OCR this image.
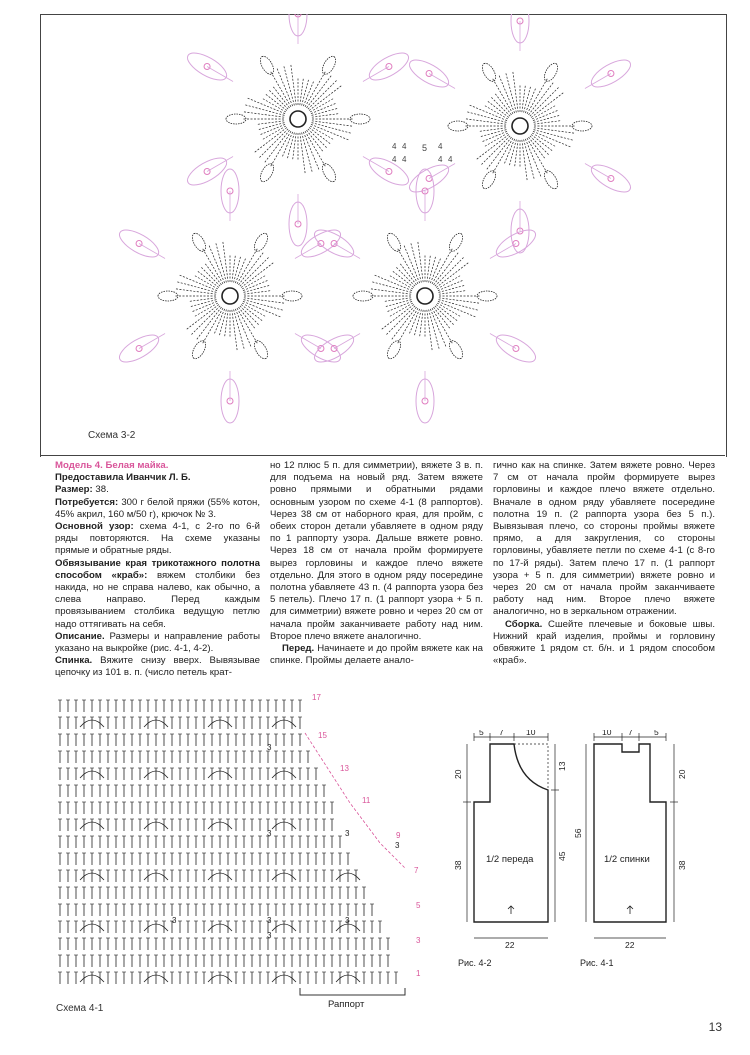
4 4 5 4
4 4	4 4
Схема 3-2

Модель 4. Белая майка.

Предоставила Иванчик Л. Б.

Размер: 38.

Потребуется: 300 г белой пряжи (55% котон, 45% акрил, 160 м/50 г), крючок № 3.

Основной узор: схема 4-1, с 2-го по 6-й ряды повторяются. На схеме указаны прямые и обратные ряды.

Обвязывание края трикотажного полотна способом «краб»: вяжем столбики без накида, но не справа налево, как обычно, а слева направо. Перед каждым провязыванием столбика ведущую петлю надо оттягивать на себя.

Описание. Размеры и направление работы указано на выкройке (рис. 4-1, 4-2).

Спинка. Вяжите снизу вверх. Вывязывае цепочку из 101 в. п. (число петель крат-

но 12 плюс 5 п. для симметрии), вяжете 3 в. п. для подъема на новый ряд. Затем вяжете ровно прямыми и обратными рядами основным узором по схеме 4-1 (8 раппортов). Через 38 см от наборного края, для пройм, с обеих сторон детали убавляете в одном ряду по 1 раппорту узора. Дальше вяжете ровно. Через 18 см от начала пройм формируете вырез горловины и каждое плечо вяжете отдельно. Для этого в одном ряду посередине полотна убавляете 43 п. (4 раппорта узора без 5 петель). Плечо 17 п. (1 раппорт узора + 5 п. для симметрии) вяжете ровно и через 20 см от начала пройм заканчиваете работу над ним. Второе плечо вяжете аналогично.

Перед. Начинаете и до пройм вяжете как на спинке. Проймы делаете анало-

гично как на спинке. Затем вяжете ровно. Через 7 см от начала пройм формируете вырез горловины и каждое плечо вяжете отдельно. Вначале в одном ряду убавляете посередине полотна 19 п. (2 раппорта узора без 5 п.). Вывязывая плечо, со стороны проймы вяжете прямо, а для закругления, со стороны горловины, убавляете петли по схеме 4-1 (с 8-го по 17-й ряды). Затем плечо 17 п. (1 раппорт узора + 5 п. для симметрии) вяжете ровно и через 20 см от начала пройм заканчиваете работу над ним. Второе плечо вяжете аналогично, но в зеркальном отражении.

Сборка. Сшейте плечевые и боковые швы. Нижний край изделия, проймы и горловину обвяжите 1 рядом ст. б/н. и 1 рядом способом «краб».

17
15
13
11
9
7
5
3
1
3
3	3
3
3	3	3
3
Раппорт
Схема 4-1
5 7	10
20
38
13
45
22
1/2 переда
Рис. 4-2
10 7	5
56
20
38
22
1/2 спинки
Рис. 4-1
13
